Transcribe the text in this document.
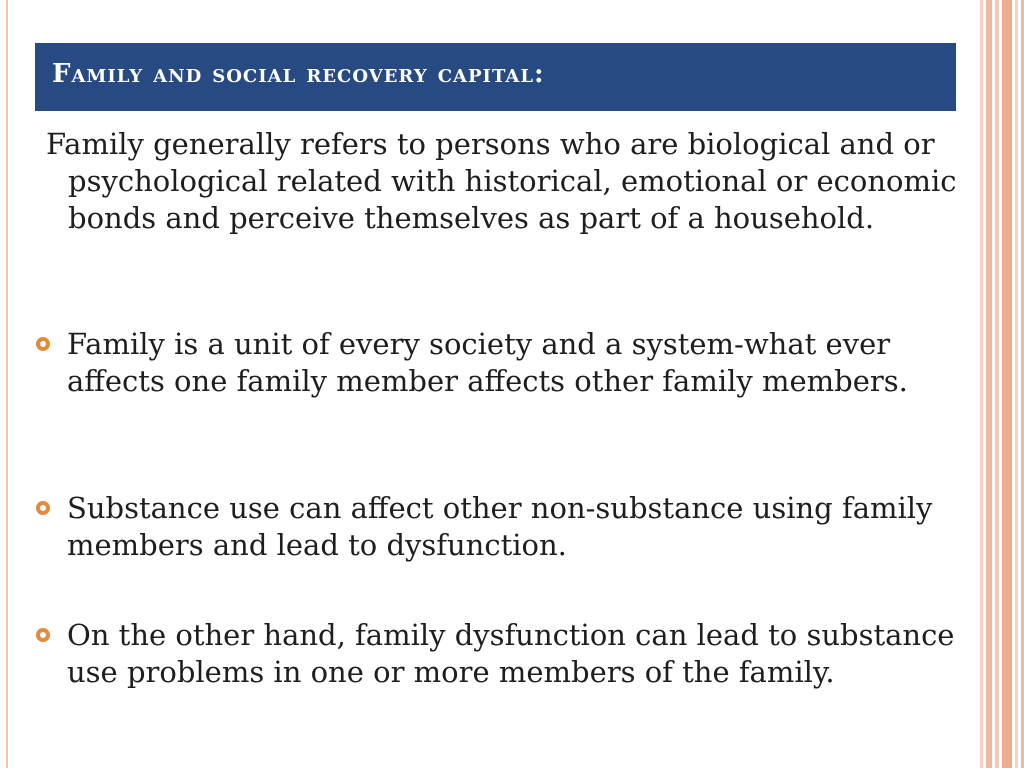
Family and social recovery capital:
Family generally refers to persons who are biological and or psychological related with historical, emotional or economic bonds and perceive themselves as part of a household.
Family is a unit of every society and a system-what ever affects one family member affects other family members.
Substance use can affect other non-substance using family members and lead to dysfunction.
On the other hand, family dysfunction can lead to substance use problems in one or more members of the family.
